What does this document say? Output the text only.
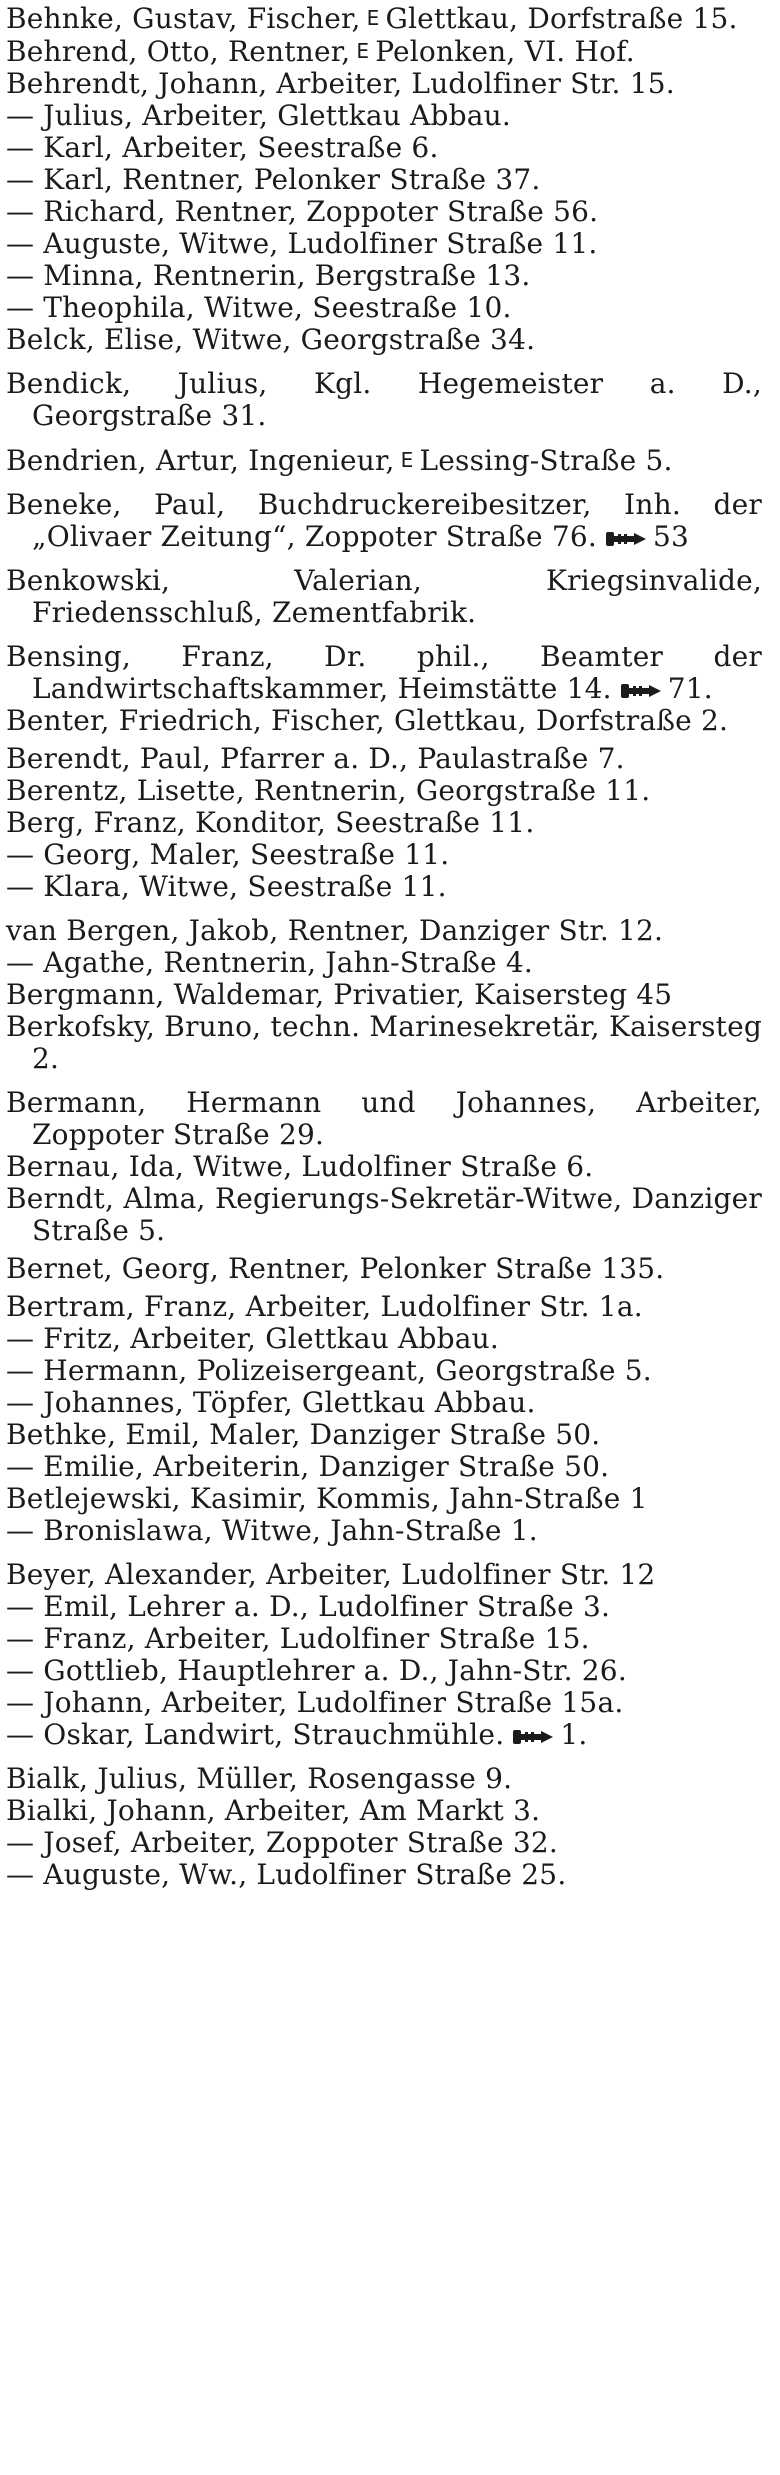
Behnke, Gustav, Fischer, E Glettkau, Dorfstraße 15.

Behrend, Otto, Rentner, E Pelonken, VI. Hof.

Behrendt, Johann, Arbeiter, Ludolfiner Str. 15.

— Julius, Arbeiter, Glettkau Abbau.

— Karl, Arbeiter, Seestraße 6.

— Karl, Rentner, Pelonker Straße 37.

— Richard, Rentner, Zoppoter Straße 56.

— Auguste, Witwe, Ludolfiner Straße 11.

— Minna, Rentnerin, Bergstraße 13.

— Theophila, Witwe, Seestraße 10.

Belck, Elise, Witwe, Georgstraße 34.

Bendick, Julius, Kgl. Hegemeister a. D., Georgstraße 31.

Bendrien, Artur, Ingenieur, E Lessing-Straße 5.

Beneke, Paul, Buchdruckereibesitzer, Inh. der „Olivaer Zeitung“, Zoppoter Straße 76. 53

Benkowski, Valerian, Kriegsinvalide, Friedensschluß, Zementfabrik.

Bensing, Franz, Dr. phil., Beamter der Landwirtschaftskammer, Heimstätte 14. 71.

Benter, Friedrich, Fischer, Glettkau, Dorfstraße 2.

Berendt, Paul, Pfarrer a. D., Paulastraße 7.

Berentz, Lisette, Rentnerin, Georgstraße 11.

Berg, Franz, Konditor, Seestraße 11.

— Georg, Maler, Seestraße 11.

— Klara, Witwe, Seestraße 11.

van Bergen, Jakob, Rentner, Danziger Str. 12.

— Agathe, Rentnerin, Jahn-Straße 4.

Bergmann, Waldemar, Privatier, Kaisersteg 45

Berkofsky, Bruno, techn. Marinesekretär, Kaisersteg 2.

Bermann, Hermann und Johannes, Arbeiter, Zoppoter Straße 29.

Bernau, Ida, Witwe, Ludolfiner Straße 6.

Berndt, Alma, Regierungs-Sekretär-Witwe, Danziger Straße 5.

Bernet, Georg, Rentner, Pelonker Straße 135.

Bertram, Franz, Arbeiter, Ludolfiner Str. 1a.

— Fritz, Arbeiter, Glettkau Abbau.

— Hermann, Polizeisergeant, Georgstraße 5.

— Johannes, Töpfer, Glettkau Abbau.

Bethke, Emil, Maler, Danziger Straße 50.

— Emilie, Arbeiterin, Danziger Straße 50.

Betlejewski, Kasimir, Kommis, Jahn-Straße 1

— Bronislawa, Witwe, Jahn-Straße 1.

Beyer, Alexander, Arbeiter, Ludolfiner Str. 12

— Emil, Lehrer a. D., Ludolfiner Straße 3.

— Franz, Arbeiter, Ludolfiner Straße 15.

— Gottlieb, Hauptlehrer a. D., Jahn-Str. 26.

— Johann, Arbeiter, Ludolfiner Straße 15a.

— Oskar, Landwirt, Strauchmühle. 1.

Bialk, Julius, Müller, Rosengasse 9.

Bialki, Johann, Arbeiter, Am Markt 3.

— Josef, Arbeiter, Zoppoter Straße 32.

— Auguste, Ww., Ludolfiner Straße 25.
